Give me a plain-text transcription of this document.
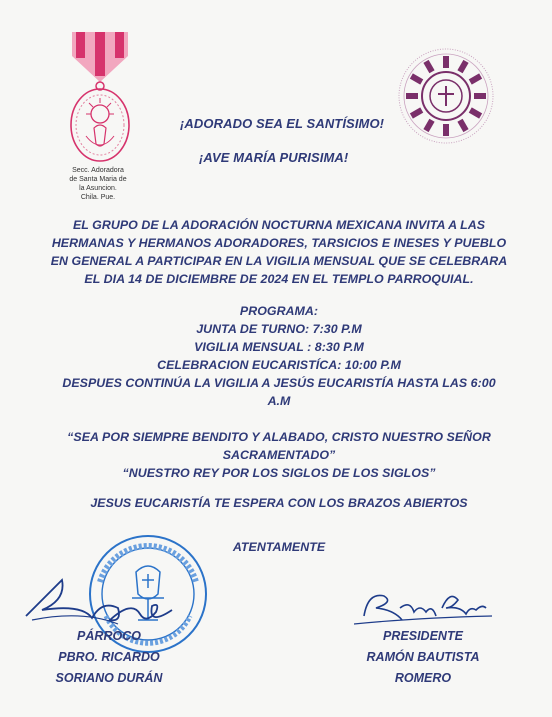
Secc. Adoradora
de Santa Maria de
la Asuncion.
Chila. Pue.
¡ADORADO SEA EL SANTÍSIMO!
¡AVE MARÍA PURISIMA!
EL GRUPO DE LA ADORACIÓN NOCTURNA MEXICANA INVITA A LAS
HERMANAS Y HERMANOS ADORADORES, TARSICIOS E INESES Y PUEBLO
EN GENERAL A PARTICIPAR EN LA VIGILIA MENSUAL QUE SE CELEBRARA
EL DIA 14 DE DICIEMBRE DE 2024 EN EL TEMPLO PARROQUIAL.
PROGRAMA:
JUNTA DE TURNO: 7:30 P.M
VIGILIA MENSUAL : 8:30 P.M
CELEBRACION EUCARISTÍCA: 10:00 P.M
DESPUES CONTINÚA LA VIGILIA A JESÚS EUCARISTÍA HASTA LAS 6:00
A.M
“SEA POR SIEMPRE BENDITO Y ALABADO, CRISTO NUESTRO SEÑOR
SACRAMENTADO”
“NUESTRO REY POR LOS SIGLOS DE LOS SIGLOS”
JESUS EUCARISTÍA TE ESPERA CON LOS BRAZOS ABIERTOS
ATENTAMENTE
PÁRROCO
PBRO. RICARDO
SORIANO DURÁN
PRESIDENTE
RAMÓN BAUTISTA
ROMERO
